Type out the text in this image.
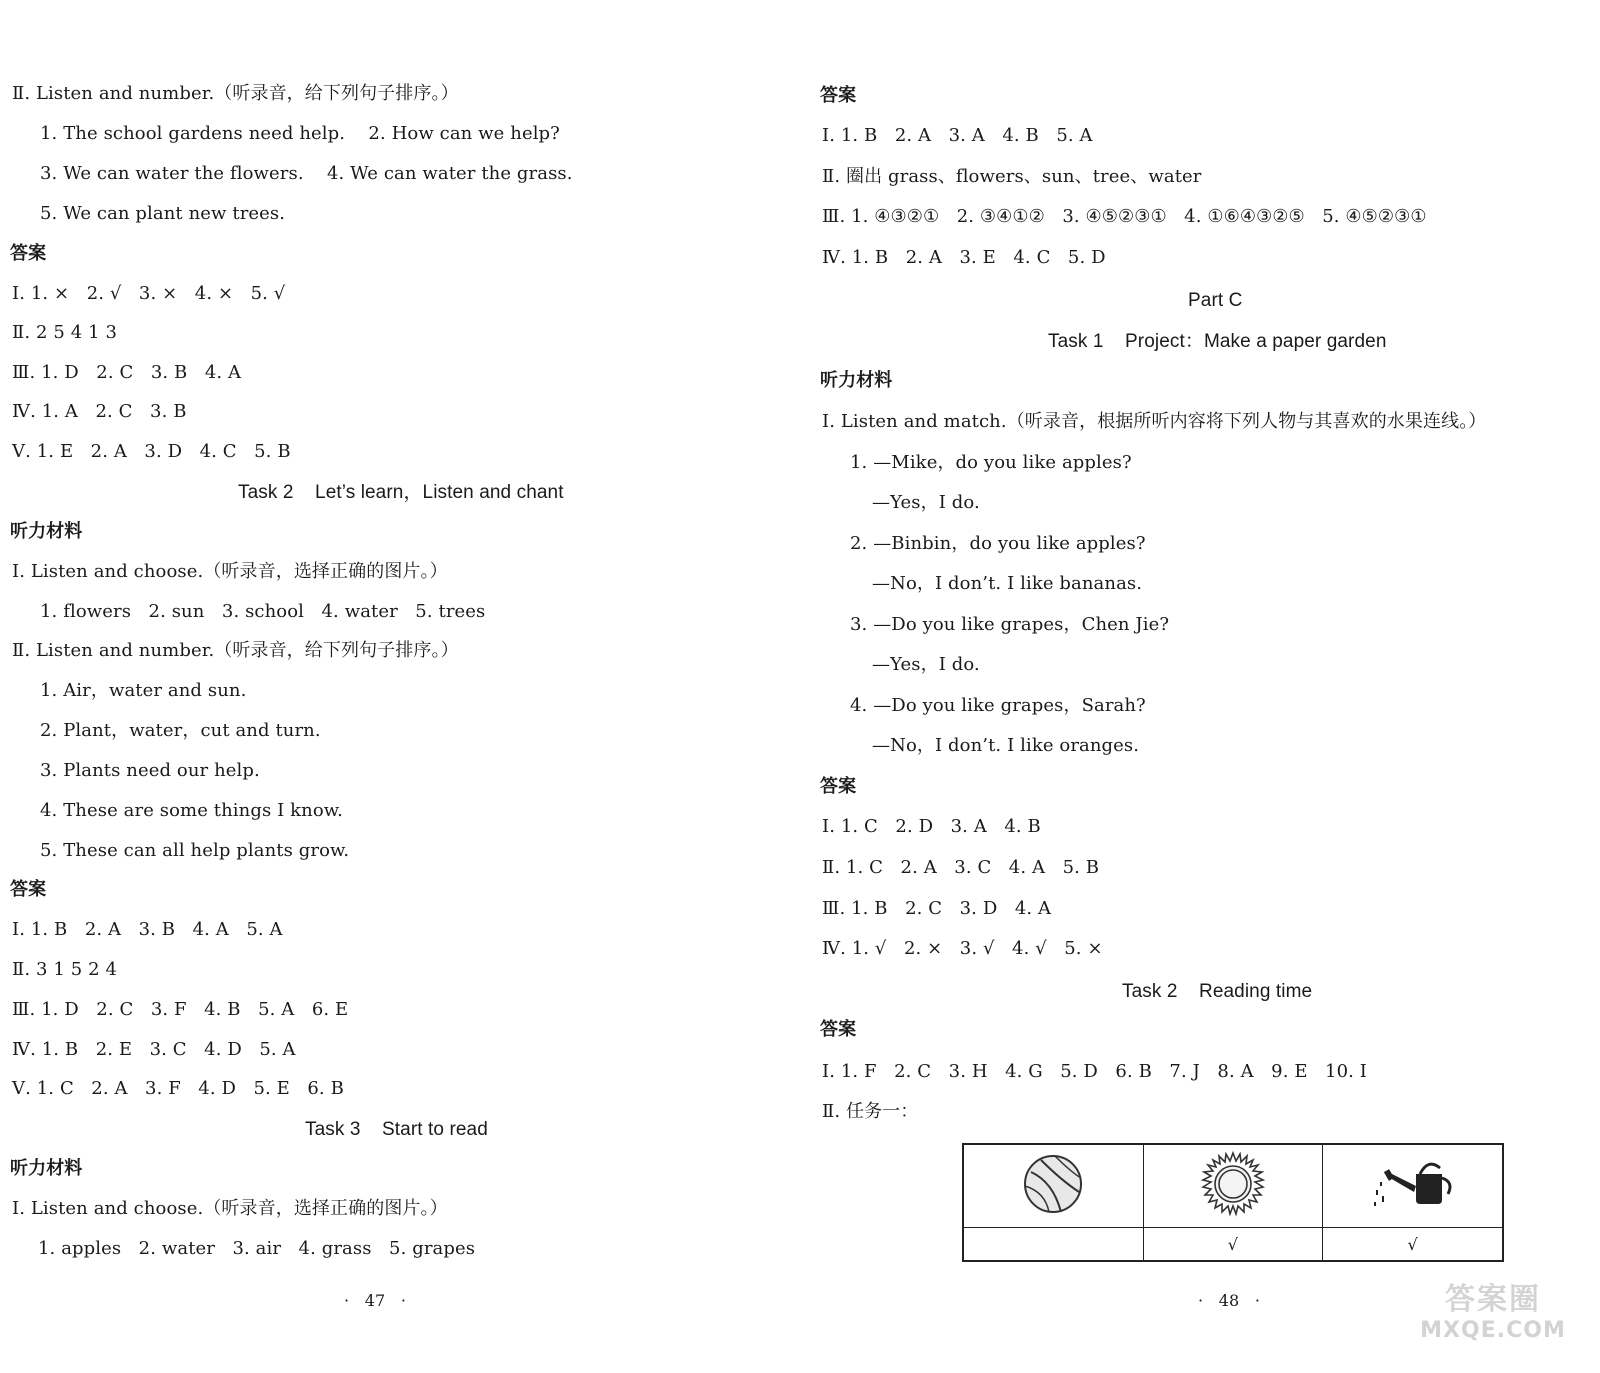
Ⅱ. Listen and number.（听录音，给下列句子排序。）
1. The school gardens need help.    2. How can we help?
3. We can water the flowers.    4. We can water the grass.
5. We can plant new trees.
答案
Ⅰ. 1. ×   2. √   3. ×   4. ×   5. √
Ⅱ. 2 5 4 1 3
Ⅲ. 1. D   2. C   3. B   4. A
Ⅳ. 1. A   2. C   3. B
Ⅴ. 1. E   2. A   3. D   4. C   5. B
Task 2    Let’s learn，Listen and chant
听力材料
Ⅰ. Listen and choose.（听录音，选择正确的图片。）
1. flowers   2. sun   3. school   4. water   5. trees
Ⅱ. Listen and number.（听录音，给下列句子排序。）
1. Air，water and sun.
2. Plant，water，cut and turn.
3. Plants need our help.
4. These are some things I know.
5. These can all help plants grow.
答案
Ⅰ. 1. B   2. A   3. B   4. A   5. A
Ⅱ. 3 1 5 2 4
Ⅲ. 1. D   2. C   3. F   4. B   5. A   6. E
Ⅳ. 1. B   2. E   3. C   4. D   5. A
Ⅴ. 1. C   2. A   3. F   4. D   5. E   6. B
Task 3    Start to read
听力材料
Ⅰ. Listen and choose.（听录音，选择正确的图片。）
1. apples   2. water   3. air   4. grass   5. grapes
·   47   ·
答案
Ⅰ. 1. B   2. A   3. A   4. B   5. A
Ⅱ. 圈出 grass、flowers、sun、tree、water
Ⅲ. 1. ④③②①   2. ③④①②   3. ④⑤②③①   4. ①⑥④③②⑤   5. ④⑤②③①
Ⅳ. 1. B   2. A   3. E   4. C   5. D
Part C
Task 1    Project：Make a paper garden
听力材料
Ⅰ. Listen and match.（听录音，根据所听内容将下列人物与其喜欢的水果连线。）
1. —Mike，do you like apples?
—Yes，I do.
2. —Binbin，do you like apples?
—No，I don’t. I like bananas.
3. —Do you like grapes，Chen Jie?
—Yes，I do.
4. —Do you like grapes，Sarah?
—No，I don’t. I like oranges.
答案
Ⅰ. 1. C   2. D   3. A   4. B
Ⅱ. 1. C   2. A   3. C   4. A   5. B
Ⅲ. 1. B   2. C   3. D   4. A
Ⅳ. 1. √   2. ×   3. √   4. √   5. ×
Task 2    Reading time
答案
Ⅰ. 1. F   2. C   3. H   4. G   5. D   6. B   7. J   8. A   9. E   10. I
Ⅱ. 任务一：
·   48   ·

	√	√
答案圈
MXQE.COM
